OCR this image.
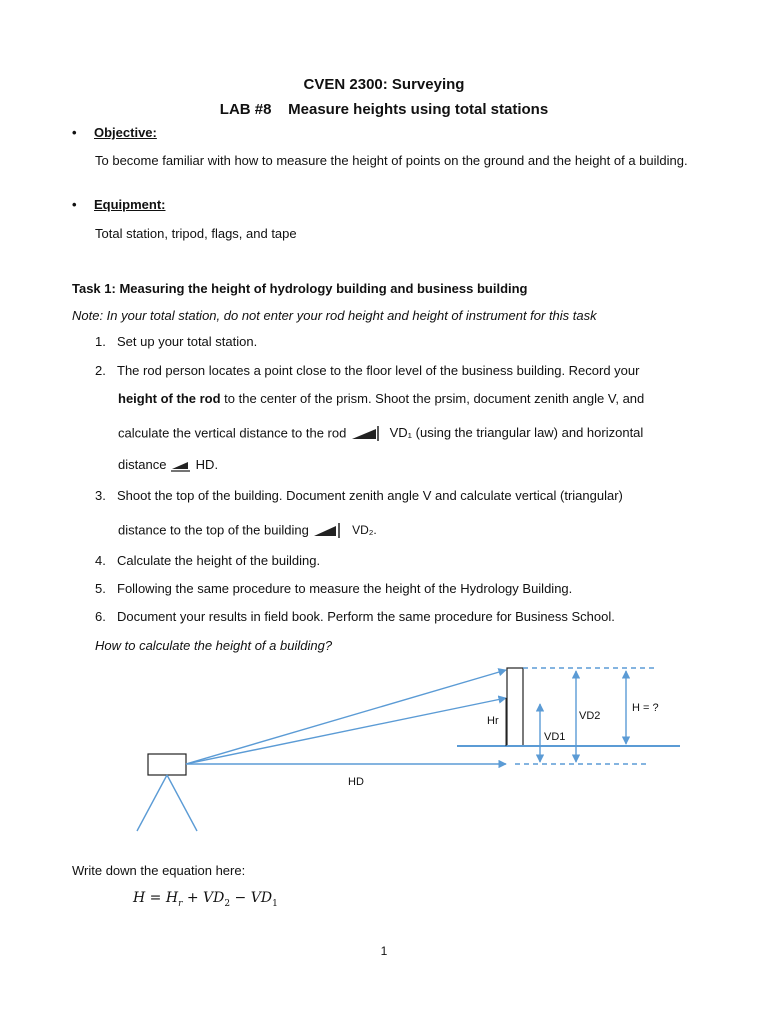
CVEN 2300: Surveying
LAB #8    Measure heights using total stations
• Objective:
To become familiar with how to measure the height of points on the ground and the height of a building.
• Equipment:
Total station, tripod, flags, and tape
Task 1: Measuring the height of hydrology building and business building
Note: In your total station, do not enter your rod height and height of instrument for this task
1. Set up your total station.
2. The rod person locates a point close to the floor level of the business building. Record your
height of the rod to the center of the prism. Shoot the prsim, document zenith angle V, and
calculate the vertical distance to the rod	VD₁ (using the triangular law) and horizontal
distance HD.
3. Shoot the top of the building. Document zenith angle V and calculate vertical (triangular)
distance to the top of the building	VD₂.
4. Calculate the height of the building.
5. Following the same procedure to measure the height of the Hydrology Building.
6. Document your results in field book. Perform the same procedure for Business School.
How to calculate the height of a building?
Hr
VD1
VD2
H = ?
HD
Write down the equation here:
$H = H_r + VD_2 - VD_1$
1
